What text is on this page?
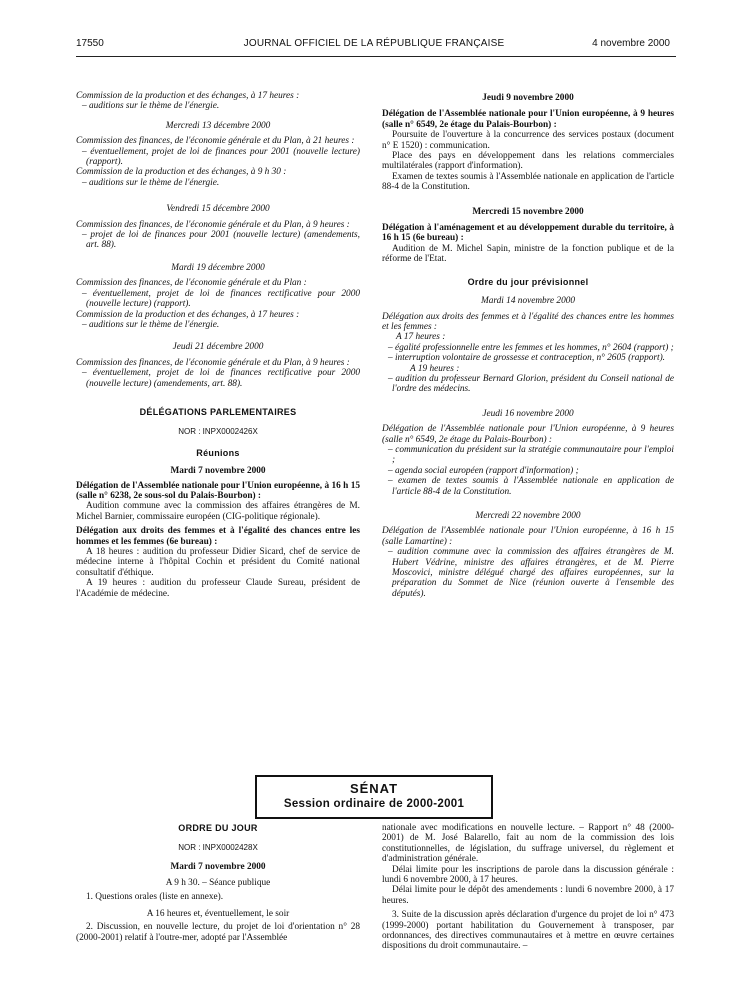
17550	JOURNAL OFFICIEL DE LA RÉPUBLIQUE FRANÇAISE	4 novembre 2000

Commission de la production et des échanges, à 17 heures :

– auditions sur le thème de l'énergie.

Mercredi 13 décembre 2000

Commission des finances, de l'économie générale et du Plan, à 21 heures :

– éventuellement, projet de loi de finances pour 2001 (nouvelle lecture) (rapport).

Commission de la production et des échanges, à 9 h 30 :

– auditions sur le thème de l'énergie.

Vendredi 15 décembre 2000

Commission des finances, de l'économie générale et du Plan, à 9 heures :

– projet de loi de finances pour 2001 (nouvelle lecture) (amendements, art. 88).

Mardi 19 décembre 2000

Commission des finances, de l'économie générale et du Plan :

– éventuellement, projet de loi de finances rectificative pour 2000 (nouvelle lecture) (rapport).

Commission de la production et des échanges, à 17 heures :

– auditions sur le thème de l'énergie.

Jeudi 21 décembre 2000

Commission des finances, de l'économie générale et du Plan, à 9 heures :

– éventuellement, projet de loi de finances rectificative pour 2000 (nouvelle lecture) (amendements, art. 88).

DÉLÉGATIONS PARLEMENTAIRES

NOR : INPX0002426X

Réunions

Mardi 7 novembre 2000

Délégation de l'Assemblée nationale pour l'Union européenne, à 16 h 15 (salle n° 6238, 2e sous-sol du Palais-Bourbon) :

Audition commune avec la commission des affaires étrangères de M. Michel Barnier, commissaire européen (CIG-politique régionale).

Délégation aux droits des femmes et à l'égalité des chances entre les hommes et les femmes (6e bureau) :

A 18 heures : audition du professeur Didier Sicard, chef de service de médecine interne à l'hôpital Cochin et président du Comité national consultatif d'éthique.

A 19 heures : audition du professeur Claude Sureau, président de l'Académie de médecine.

Jeudi 9 novembre 2000

Délégation de l'Assemblée nationale pour l'Union européenne, à 9 heures (salle n° 6549, 2e étage du Palais-Bourbon) :

Poursuite de l'ouverture à la concurrence des services postaux (document n° E 1520) : communication.

Place des pays en développement dans les relations commerciales multilatérales (rapport d'information).

Examen de textes soumis à l'Assemblée nationale en application de l'article 88-4 de la Constitution.

Mercredi 15 novembre 2000

Délégation à l'aménagement et au développement durable du territoire, à 16 h 15 (6e bureau) :

Audition de M. Michel Sapin, ministre de la fonction publique et de la réforme de l'Etat.

Ordre du jour prévisionnel

Mardi 14 novembre 2000

Délégation aux droits des femmes et à l'égalité des chances entre les hommes et les femmes :

A 17 heures :

– égalité professionnelle entre les femmes et les hommes, n° 2604 (rapport) ;

– interruption volontaire de grossesse et contraception, n° 2605 (rapport).

A 19 heures :

– audition du professeur Bernard Glorion, président du Conseil national de l'ordre des médecins.

Jeudi 16 novembre 2000

Délégation de l'Assemblée nationale pour l'Union européenne, à 9 heures (salle n° 6549, 2e étage du Palais-Bourbon) :

– communication du président sur la stratégie communautaire pour l'emploi ;

– agenda social européen (rapport d'information) ;

– examen de textes soumis à l'Assemblée nationale en application de l'article 88-4 de la Constitution.

Mercredi 22 novembre 2000

Délégation de l'Assemblée nationale pour l'Union européenne, à 16 h 15 (salle Lamartine) :

– audition commune avec la commission des affaires étrangères de M. Hubert Védrine, ministre des affaires étrangères, et de M. Pierre Moscovici, ministre délégué chargé des affaires européennes, sur la préparation du Sommet de Nice (réunion ouverte à l'ensemble des députés).

SÉNAT
Session ordinaire de 2000-2001

ORDRE DU JOUR

NOR : INPX0002428X

Mardi 7 novembre 2000

A 9 h 30. – Séance publique

1. Questions orales (liste en annexe).

A 16 heures et, éventuellement, le soir

2. Discussion, en nouvelle lecture, du projet de loi d'orientation n° 28 (2000-2001) relatif à l'outre-mer, adopté par l'Assemblée

nationale avec modifications en nouvelle lecture. – Rapport n° 48 (2000-2001) de M. José Balarello, fait au nom de la commission des lois constitutionnelles, de législation, du suffrage universel, du règlement et d'administration générale.

Délai limite pour les inscriptions de parole dans la discussion générale : lundi 6 novembre 2000, à 17 heures.

Délai limite pour le dépôt des amendements : lundi 6 novembre 2000, à 17 heures.

3. Suite de la discussion après déclaration d'urgence du projet de loi n° 473 (1999-2000) portant habilitation du Gouvernement à transposer, par ordonnances, des directives communautaires et à mettre en œuvre certaines dispositions du droit communautaire. –
